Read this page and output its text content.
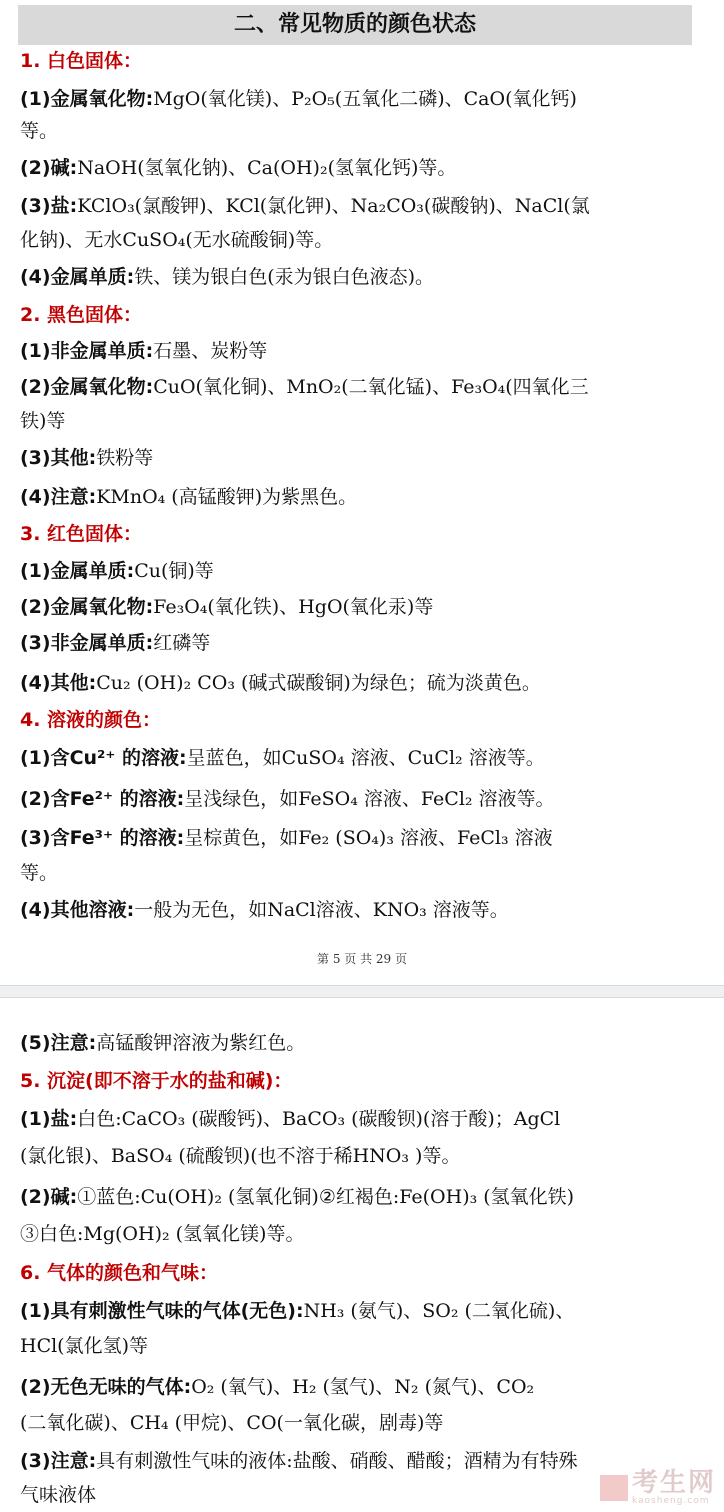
二、常见物质的颜色状态
1. 白色固体：
(1)金属氧化物:MgO(氧化镁)、P₂O₅(五氧化二磷)、CaO(氧化钙)
等。
(2)碱:NaOH(氢氧化钠)、Ca(OH)₂(氢氧化钙)等。
(3)盐:KClO₃(氯酸钾)、KCl(氯化钾)、Na₂CO₃(碳酸钠)、NaCl(氯
化钠)、无水CuSO₄(无水硫酸铜)等。
(4)金属单质:铁、镁为银白色(汞为银白色液态)。
2. 黑色固体：
(1)非金属单质:石墨、炭粉等
(2)金属氧化物:CuO(氧化铜)、MnO₂(二氧化锰)、Fe₃O₄(四氧化三
铁)等
(3)其他:铁粉等
(4)注意:KMnO₄ (高锰酸钾)为紫黑色。
3. 红色固体：
(1)金属单质:Cu(铜)等
(2)金属氧化物:Fe₃O₄(氧化铁)、HgO(氧化汞)等
(3)非金属单质:红磷等
(4)其他:Cu₂ (OH)₂ CO₃ (碱式碳酸铜)为绿色；硫为淡黄色。
4. 溶液的颜色：
(1)含Cu²⁺ 的溶液:呈蓝色，如CuSO₄ 溶液、CuCl₂ 溶液等。
(2)含Fe²⁺ 的溶液:呈浅绿色，如FeSO₄ 溶液、FeCl₂ 溶液等。
(3)含Fe³⁺ 的溶液:呈棕黄色，如Fe₂ (SO₄)₃ 溶液、FeCl₃ 溶液
等。
(4)其他溶液:一般为无色，如NaCl溶液、KNO₃ 溶液等。
第 5 页 共 29 页
(5)注意:高锰酸钾溶液为紫红色。
5. 沉淀(即不溶于水的盐和碱)：
(1)盐:白色:CaCO₃ (碳酸钙)、BaCO₃ (碳酸钡)(溶于酸)；AgCl
(氯化银)、BaSO₄ (硫酸钡)(也不溶于稀HNO₃ )等。
(2)碱:①蓝色:Cu(OH)₂ (氢氧化铜)②红褐色:Fe(OH)₃ (氢氧化铁)
③白色:Mg(OH)₂ (氢氧化镁)等。
6. 气体的颜色和气味：
(1)具有刺激性气味的气体(无色):NH₃ (氨气)、SO₂ (二氧化硫)、
HCl(氯化氢)等
(2)无色无味的气体:O₂ (氧气)、H₂ (氢气)、N₂ (氮气)、CO₂
(二氧化碳)、CH₄ (甲烷)、CO(一氧化碳，剧毒)等
(3)注意:具有刺激性气味的液体:盐酸、硝酸、醋酸；酒精为有特殊
气味液体	考生网
kaosheng.com
